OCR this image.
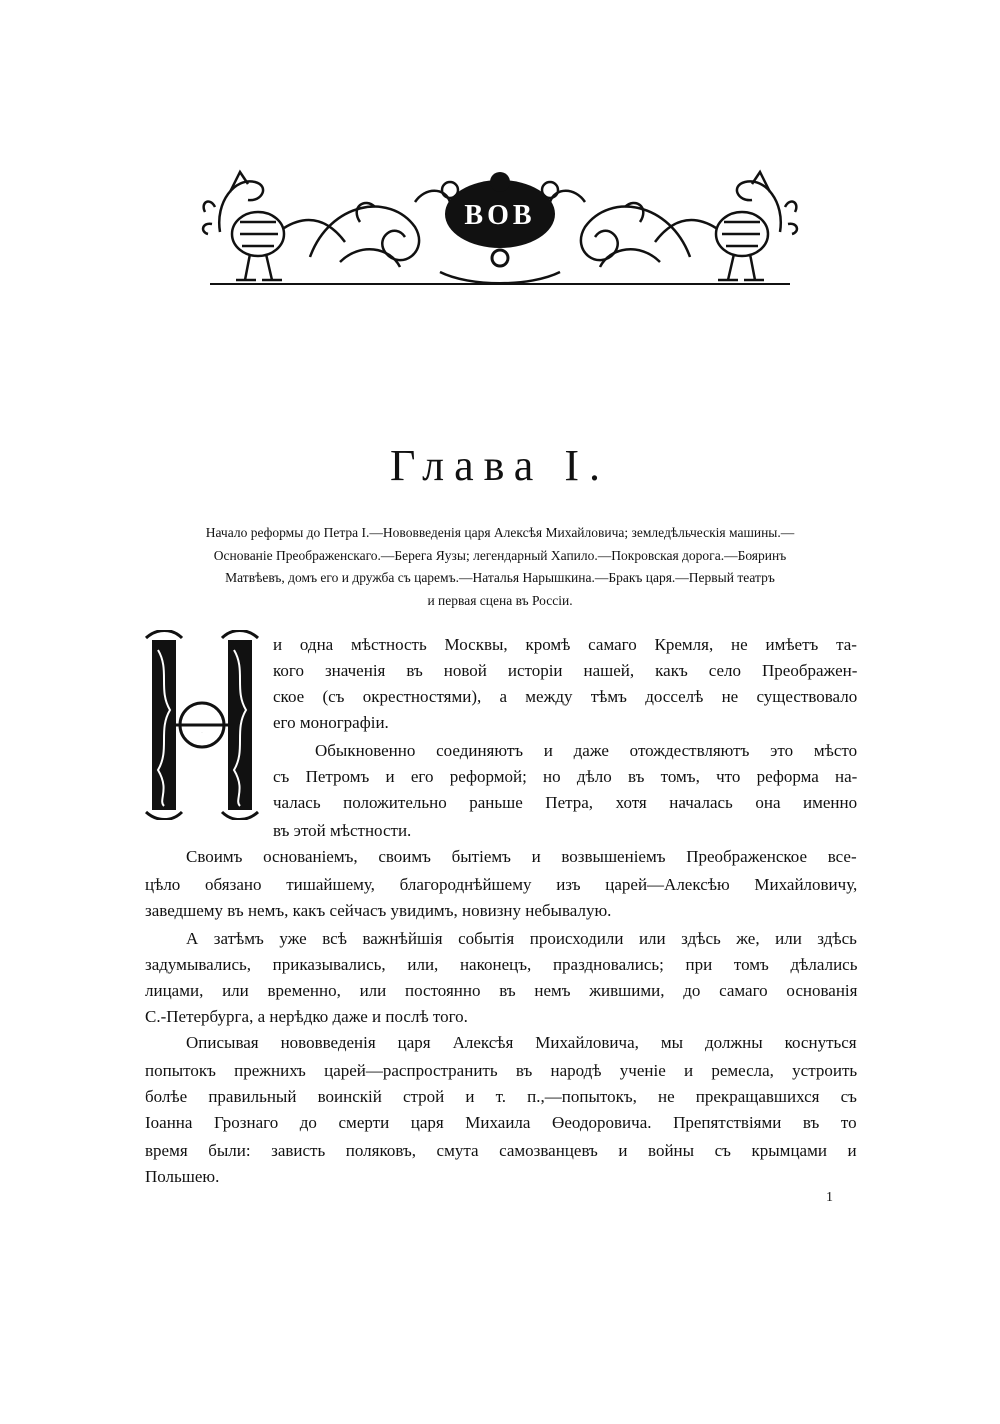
BOB
Глава I.
Начало реформы до Петра I.—Нововведенія царя Алексѣя Михайловича; земледѣльческія машины.—
Основаніе Преображенскаго.—Берега Яузы; легендарный Хапило.—Покровская дорога.—Бояринъ
Матвѣевъ, домъ его и дружба съ царемъ.—Наталья Нарышкина.—Бракъ царя.—Первый театръ
и первая сцена въ Россіи.
Н
и одна мѣстность Москвы, кромѣ самаго Кремля, не имѣетъ та-
кого значенія въ новой исторіи нашей, какъ село Преображен-
ское (съ окрестностями), а между тѣмъ досселѣ не существовало
его монографіи.
Обыкновенно соединяютъ и даже отождествляютъ это мѣсто
съ Петромъ и его реформой; но дѣло въ томъ, что реформа на-
чалась положительно раньше Петра, хотя началась она именно
въ этой мѣстности.
Своимъ основаніемъ, своимъ бытіемъ и возвышеніемъ Преображенское все-
цѣло обязано тишайшему, благороднѣйшему изъ царей—Алексѣю Михайловичу,
заведшему въ немъ, какъ сейчасъ увидимъ, новизну небывалую.
А затѣмъ уже всѣ важнѣйшія событія происходили или здѣсь же, или здѣсь
задумывались, приказывались, или, наконецъ, праздновались; при томъ дѣлались
лицами, или временно, или постоянно въ немъ жившими, до самаго основанія
С.-Петербурга, а нерѣдко даже и послѣ того.
Описывая нововведенія царя Алексѣя Михайловича, мы должны коснуться
попытокъ прежнихъ царей—распространить въ народѣ ученіе и ремесла, устроить
болѣе правильный воинскій строй и т. п.,—попытокъ, не прекращавшихся съ
Іоанна Грознаго до смерти царя Михаила Өеодоровича. Препятствіями въ то
время были: зависть поляковъ, смута самозванцевъ и войны съ крымцами и
Польшею.
1
